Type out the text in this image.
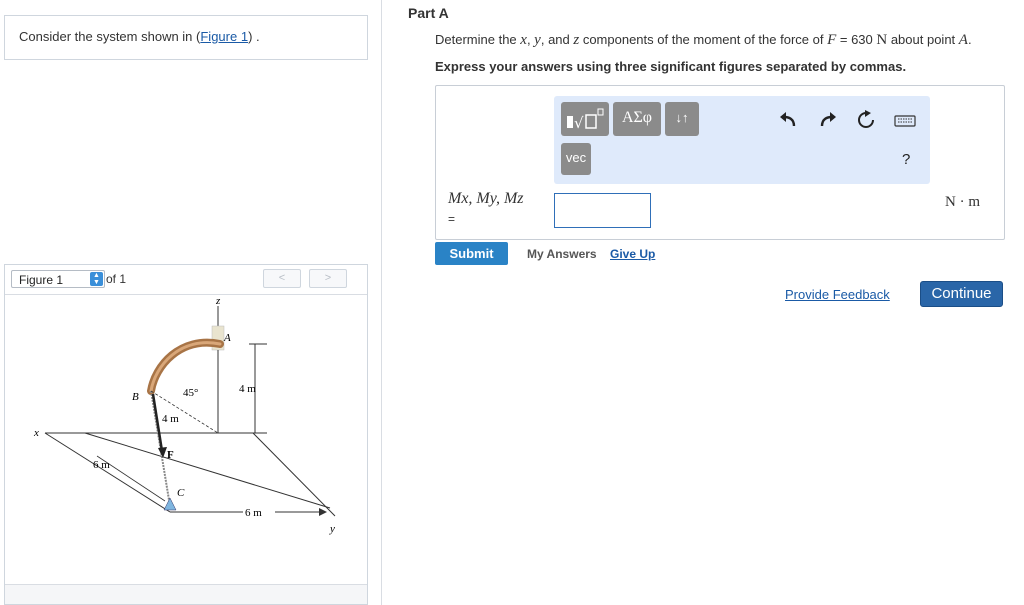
Consider the system shown in (Figure 1) .
Figure 1	▲
▼ of 1	<	>
z
x
y
A
B
C
F
45°	4 m
4 m
6 m
6 m
Part A
Determine the x, y, and z components of the moment of the force of F = 630 N about point A.
Express your answers using three significant figures separated by commas.
√	ΑΣφ	↓↑
vec	?
Mx, My, Mz
=
N · m
Submit	My Answers Give Up
Provide Feedback	Continue
